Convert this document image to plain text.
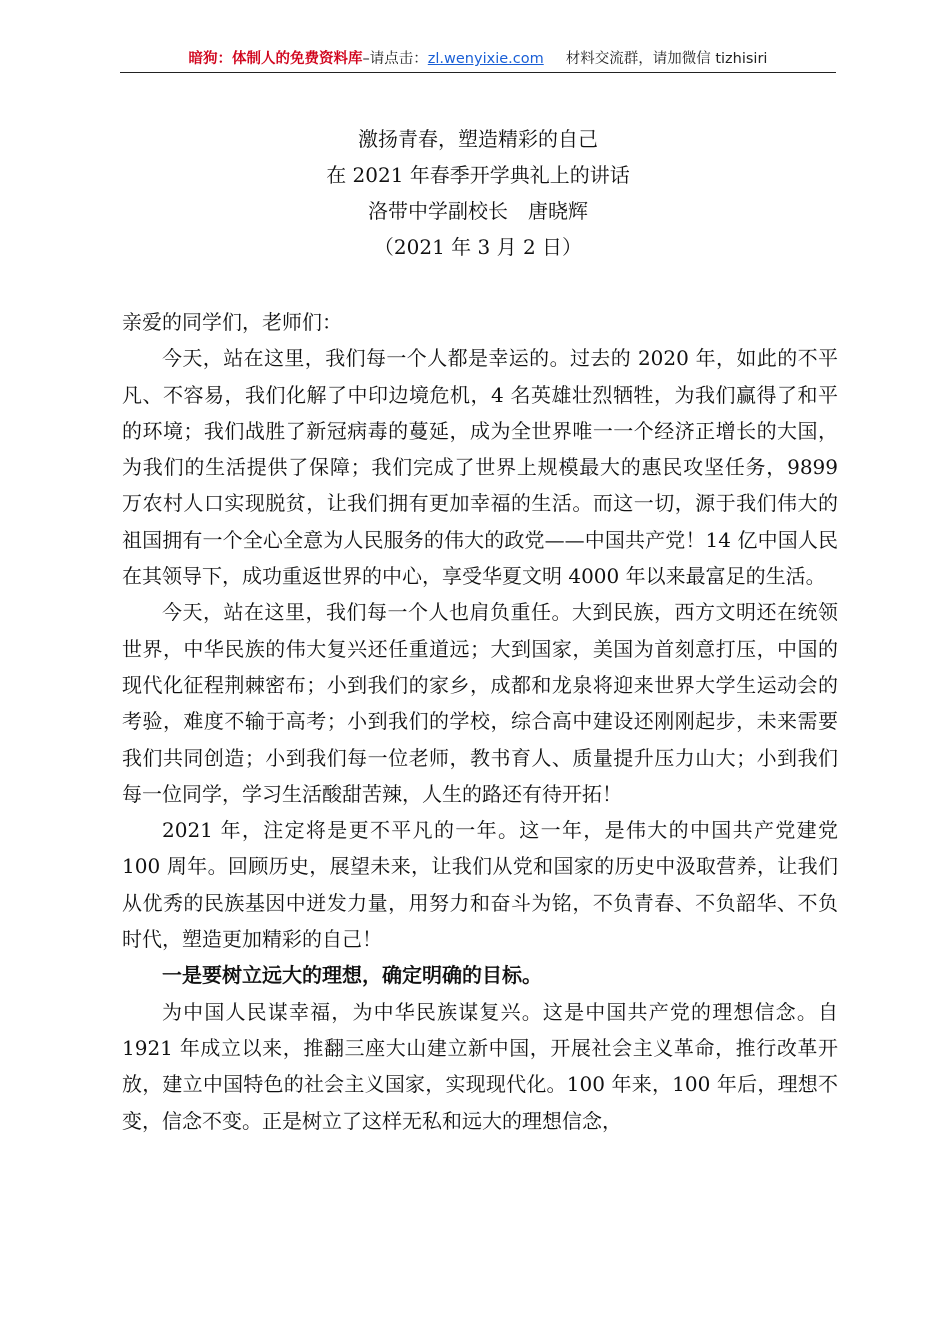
暗狗：体制人的免费资料库–请点击：zl.wenyixie.com 材料交流群，请加微信 tizhisiri
激扬青春，塑造精彩的自己
在 2021 年春季开学典礼上的讲话
洛带中学副校长　唐晓辉
（2021 年 3 月 2 日）

亲爱的同学们，老师们：

今天，站在这里，我们每一个人都是幸运的。过去的 2020 年，如此的不平凡、不容易，我们化解了中印边境危机，4 名英雄壮烈牺牲，为我们赢得了和平的环境；我们战胜了新冠病毒的蔓延，成为全世界唯一一个经济正增长的大国，为我们的生活提供了保障；我们完成了世界上规模最大的惠民攻坚任务，9899 万农村人口实现脱贫，让我们拥有更加幸福的生活。而这一切，源于我们伟大的祖国拥有一个全心全意为人民服务的伟大的政党——中国共产党！14 亿中国人民在其领导下，成功重返世界的中心，享受华夏文明 4000 年以来最富足的生活。

今天，站在这里，我们每一个人也肩负重任。大到民族，西方文明还在统领世界，中华民族的伟大复兴还任重道远；大到国家，美国为首刻意打压，中国的现代化征程荆棘密布；小到我们的家乡，成都和龙泉将迎来世界大学生运动会的考验，难度不输于高考；小到我们的学校，综合高中建设还刚刚起步，未来需要我们共同创造；小到我们每一位老师，教书育人、质量提升压力山大；小到我们每一位同学，学习生活酸甜苦辣，人生的路还有待开拓！

2021 年，注定将是更不平凡的一年。这一年，是伟大的中国共产党建党 100 周年。回顾历史，展望未来，让我们从党和国家的历史中汲取营养，让我们从优秀的民族基因中迸发力量，用努力和奋斗为铭，不负青春、不负韶华、不负时代，塑造更加精彩的自己！

一是要树立远大的理想，确定明确的目标。

为中国人民谋幸福，为中华民族谋复兴。这是中国共产党的理想信念。自 1921 年成立以来，推翻三座大山建立新中国，开展社会主义革命，推行改革开放，建立中国特色的社会主义国家，实现现代化。100 年来，100 年后，理想不变，信念不变。正是树立了这样无私和远大的理想信念，
